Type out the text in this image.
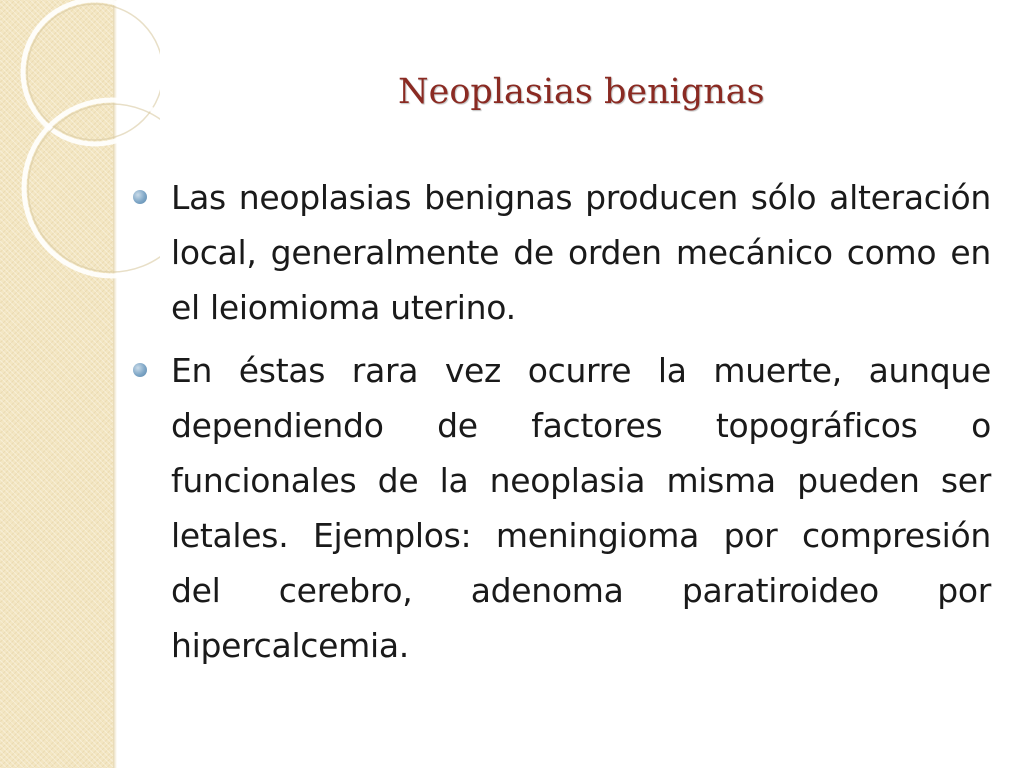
Neoplasias benignas

Las neoplasias benignas producen sólo alteración local, generalmente de orden mecánico como en el leiomioma uterino.

En éstas rara vez ocurre la muerte, aunque dependiendo de factores topográficos o funcionales de la neoplasia misma pueden ser letales. Ejemplos: meningioma por compresión del cerebro, adenoma paratiroideo por hipercalcemia.
